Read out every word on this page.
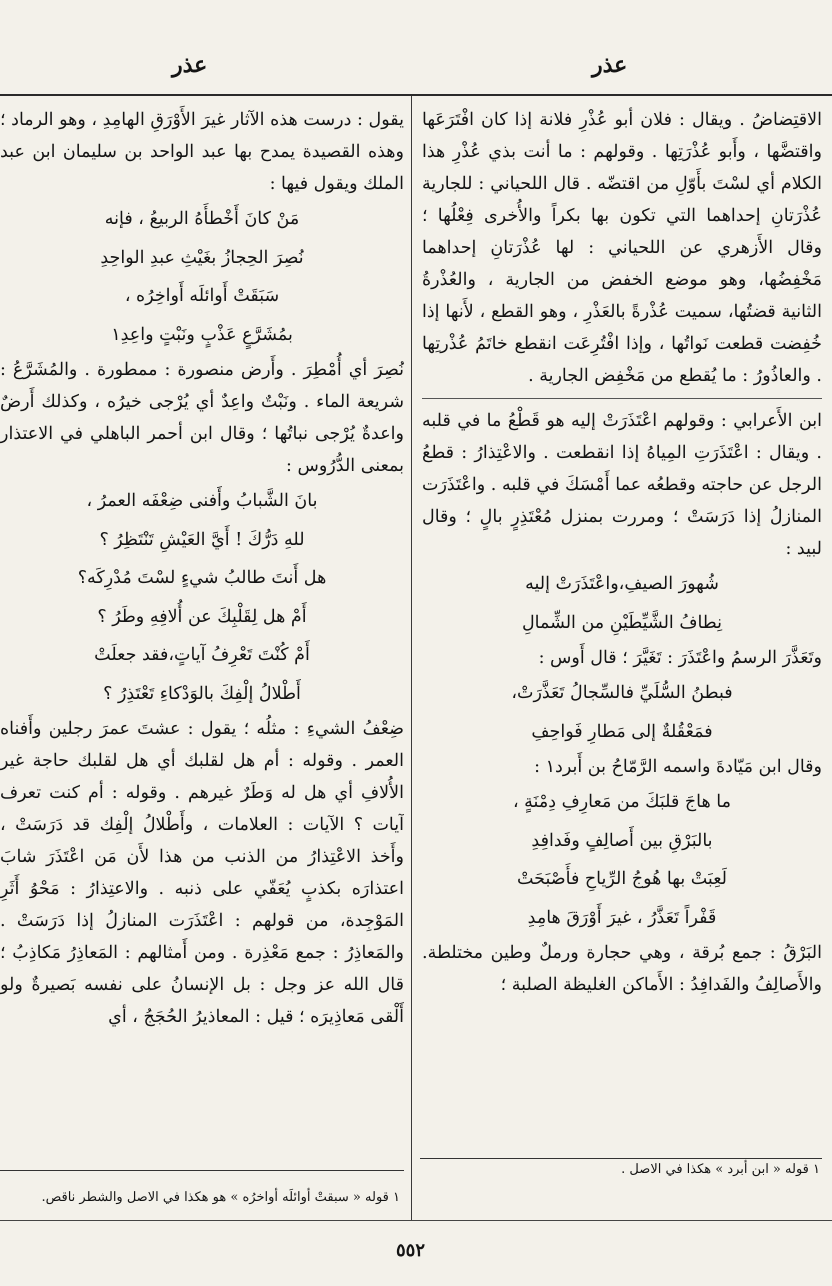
عذر
عذر

الاقتِضاضُ . ويقال : فلان أبو عُذْرِ فلانة إذا كان افْتَرَعَها واقتضَّها ، وأَبو عُذْرَتِها . وقولهم : ما أنت بذي عُذْرِ هذا الكلام أي لسْتَ بأَوّلِ من اقتضّه . قال اللحياني : للجارية عُذْرَتانِ إحداهما التي تكون بها بكراً والأُخرى فِعْلُها ؛ وقال الأَزهري عن اللحياني : لها عُذْرَتانِ إحداهما مَخْفِضُها، وهو موضع الخفض من الجارية ، والعُذْرةُ الثانية قضتُها، سميت عُذْرةً بالعَذْرِ ، وهو القطع ، لأَنها إذا خُفِضت قطعت نَواتُها ، وإذا افْتُرِعَت انقطع خاتَمُ عُذْرتِها . والعاذُورُ : ما يُقطع من مَخْفِض الجارية .

ابن الأَعرابي : وقولهم اعْتَذَرَتْ إليه هو قَطْعُ ما في قلبه . ويقال : اعْتَذَرَتِ المِياهُ إذا انقطعت . والاعْتِذارُ : قطعُ الرجل عن حاجته وقطعُه عما أَمْسَكَ في قلبه . واعْتَذَرَت المنازلُ إذا دَرَسَتْ ؛ ومررت بمنزل مُعْتَذِرٍ بالٍ ؛ وقال لبيد :

شُهورَ الصيفِ،واعْتَذَرَتْ إليه

نِطافُ الشَّيِّطَيْنِ من الشِّمالِ

وتَعَذَّرَ الرسمُ واعْتَذَرَ : تَغَيَّرَ ؛ قال أَوس :

فبطنُ السُّلَيِّ فالسِّجالُ تَعَذَّرَتْ،

فمَعْقُلةٌ إلى مَطارِ فَواحِفِ

وقال ابن مَيّادةَ واسمه الرَّمّاحُ بن أَبرد١ :

ما هاجَ قلبَكَ من مَعارِفِ دِمْنَةٍ ،

بالبَرْقِ بين أَصالِفٍ وفَدافِدِ

لَعِبَتْ بها هُوجُ الرِّياحِ فأَصْبَحَتْ

قَفْراً تَعَذَّرُ ، غيرَ أَوْرَقَ هامِدِ

البَرْقُ : جمع بُرقة ، وهي حجارة ورملٌ وطين مختلطة. والأَصالِفُ والفَدافِدُ : الأَماكن الغليظة الصلبة ؛

يقول : درست هذه الآثار غيرَ الأَوْرَقِ الهامِدِ ، وهو الرماد ؛ وهذه القصيدة يمدح بها عبد الواحد بن سليمان ابن عبد الملك ويقول فيها :

مَنْ كانَ أَخْطأَهُ الربيعُ ، فإنه

نُصِرَ الحِجازُ بغَيْثِ عبدِ الواحِدِ

سَبَقَتْ أَوائلَه أَواخِرُه ،

بمُشَرَّعٍ عَذْبٍ ونَبْتٍ واعِدِ١

نُصِرَ أي أُمْطِرَ . وأَرض منصورة : ممطورة . والمُشَرَّعُ : شريعة الماء . ونَبْتٌ واعِدٌ أي يُرْجى خيرُه ، وكذلك أَرضٌ واعدةٌ يُرْجى نباتُها ؛ وقال ابن أحمر الباهلي في الاعتذار بمعنى الدُّرُوس :

بانَ الشَّبابُ وأَفنى ضِعْفَه العمرُ ،

للهِ دَرُّكَ ! أَيَّ العَيْشِ تَنْتَظِرُ ؟

هل أَنتَ طالبُ شيءٍ لسْتَ مُدْرِكَه؟

أَمْ هل لِقَلْبِكَ عن أُلافِهِ وطَرُ ؟

أَمْ كُنْتَ تَعْرِفُ آياتٍ،فقد جعلَتْ

أَطْلالُ إلْفِكَ بالوَدْكاءِ تَعْتَذِرُ ؟

ضِعْفُ الشيءِ : مثلُه ؛ يقول : عشتَ عمرَ رجلين وأَفناه العمر . وقوله : أم هل لقلبك أي هل لقلبك حاجة غير الأُلافِ أي هل له وَطَرٌ غيرهم . وقوله : أم كنت تعرف آيات ؟ الآيات : العلامات ، وأَطْلالُ إلْفِك قد دَرَسَتْ ، وأَخذ الاعْتِذارُ من الذنب من هذا لأَن مَن اعْتَذَرَ شابَ اعتذارَه بكذبٍ يُعَفّي على ذنبه . والاعتِذارُ : مَحْوُ أَثَرِ المَوْجِدة، من قولهم : اعْتَذَرَت المنازلُ إذا دَرَسَتْ . والمَعاذِرُ : جمع مَعْذِرة . ومن أَمثالهم : المَعاذِرُ مَكاذِبُ ؛ قال الله عز وجل : بل الإنسانُ على نفسه بَصيرةٌ ولو أَلْقى مَعاذِيرَه ؛ قيل : المعاذيرُ الحُجَجُ ، أي

١ قوله « ابن أبرد » هكذا في الاصل .
١ قوله « سبقتْ أوائلَه أواخرُه » هو هكذا في الاصل والشطر ناقص.
٥٥٢
